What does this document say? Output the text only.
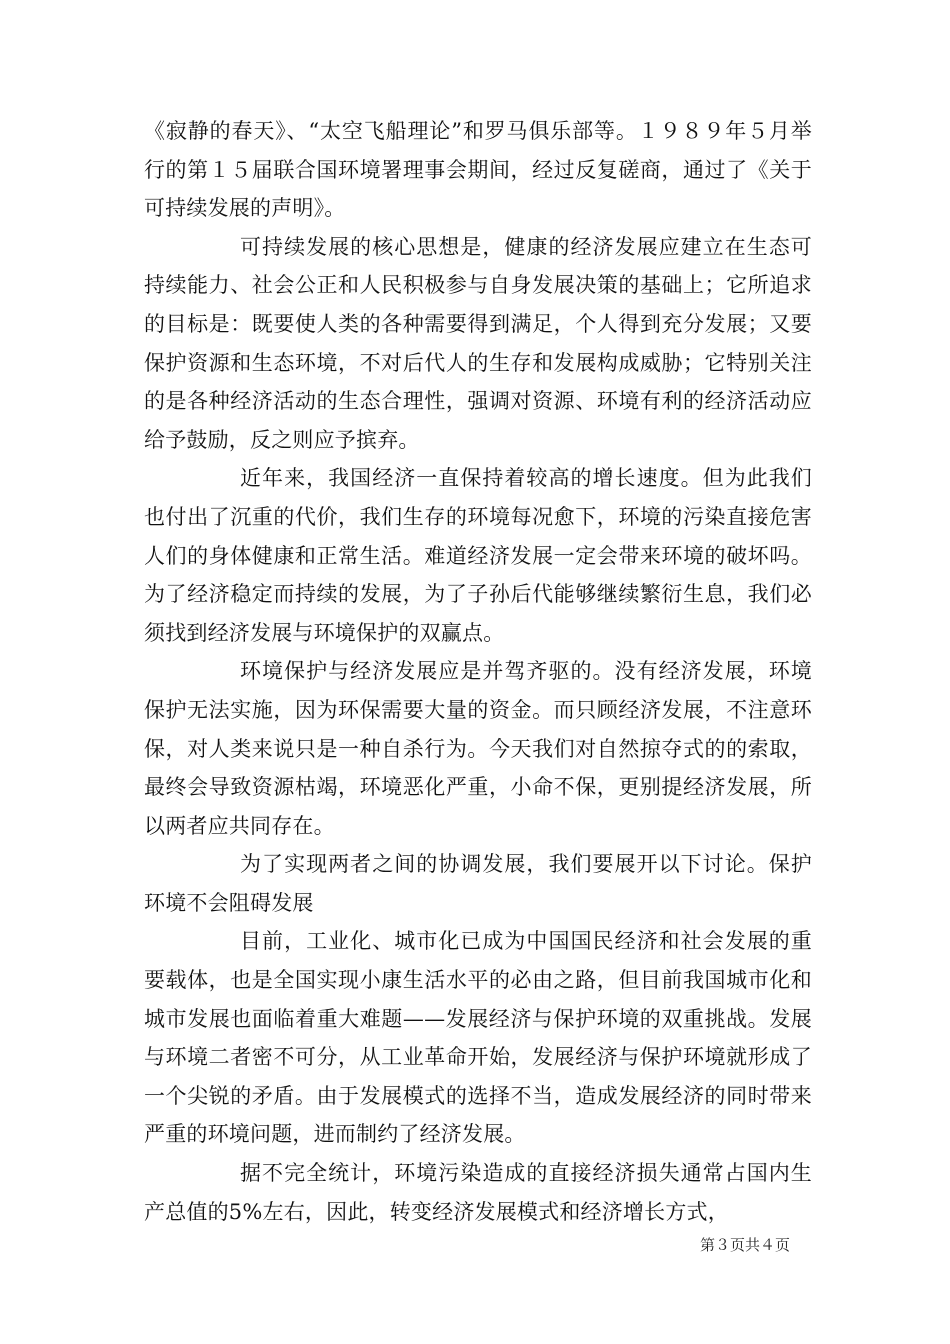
《寂静的春天》、“太空飞船理论”和罗马俱乐部等。１９８９年５月举行的第１５届联合国环境署理事会期间，经过反复磋商，通过了《关于可持续发展的声明》。

可持续发展的核心思想是，健康的经济发展应建立在生态可持续能力、社会公正和人民积极参与自身发展决策的基础上；它所追求的目标是：既要使人类的各种需要得到满足，个人得到充分发展；又要保护资源和生态环境，不对后代人的生存和发展构成威胁；它特别关注的是各种经济活动的生态合理性，强调对资源、环境有利的经济活动应给予鼓励，反之则应予摈弃。

近年来，我国经济一直保持着较高的增长速度。但为此我们也付出了沉重的代价，我们生存的环境每况愈下，环境的污染直接危害人们的身体健康和正常生活。难道经济发展一定会带来环境的破坏吗。为了经济稳定而持续的发展，为了子孙后代能够继续繁衍生息，我们必须找到经济发展与环境保护的双赢点。

环境保护与经济发展应是并驾齐驱的。没有经济发展，环境保护无法实施，因为环保需要大量的资金。而只顾经济发展，不注意环保，对人类来说只是一种自杀行为。今天我们对自然掠夺式的的索取，最终会导致资源枯竭，环境恶化严重，小命不保，更别提经济发展，所以两者应共同存在。

为了实现两者之间的协调发展，我们要展开以下讨论。保护环境不会阻碍发展

目前，工业化、城市化已成为中国国民经济和社会发展的重要载体，也是全国实现小康生活水平的必由之路，但目前我国城市化和城市发展也面临着重大难题——发展经济与保护环境的双重挑战。发展与环境二者密不可分，从工业革命开始，发展经济与保护环境就形成了一个尖锐的矛盾。由于发展模式的选择不当，造成发展经济的同时带来严重的环境问题，进而制约了经济发展。

据不完全统计，环境污染造成的直接经济损失通常占国内生产总值的5%左右，因此，转变经济发展模式和经济增长方式，

第３页共４页
